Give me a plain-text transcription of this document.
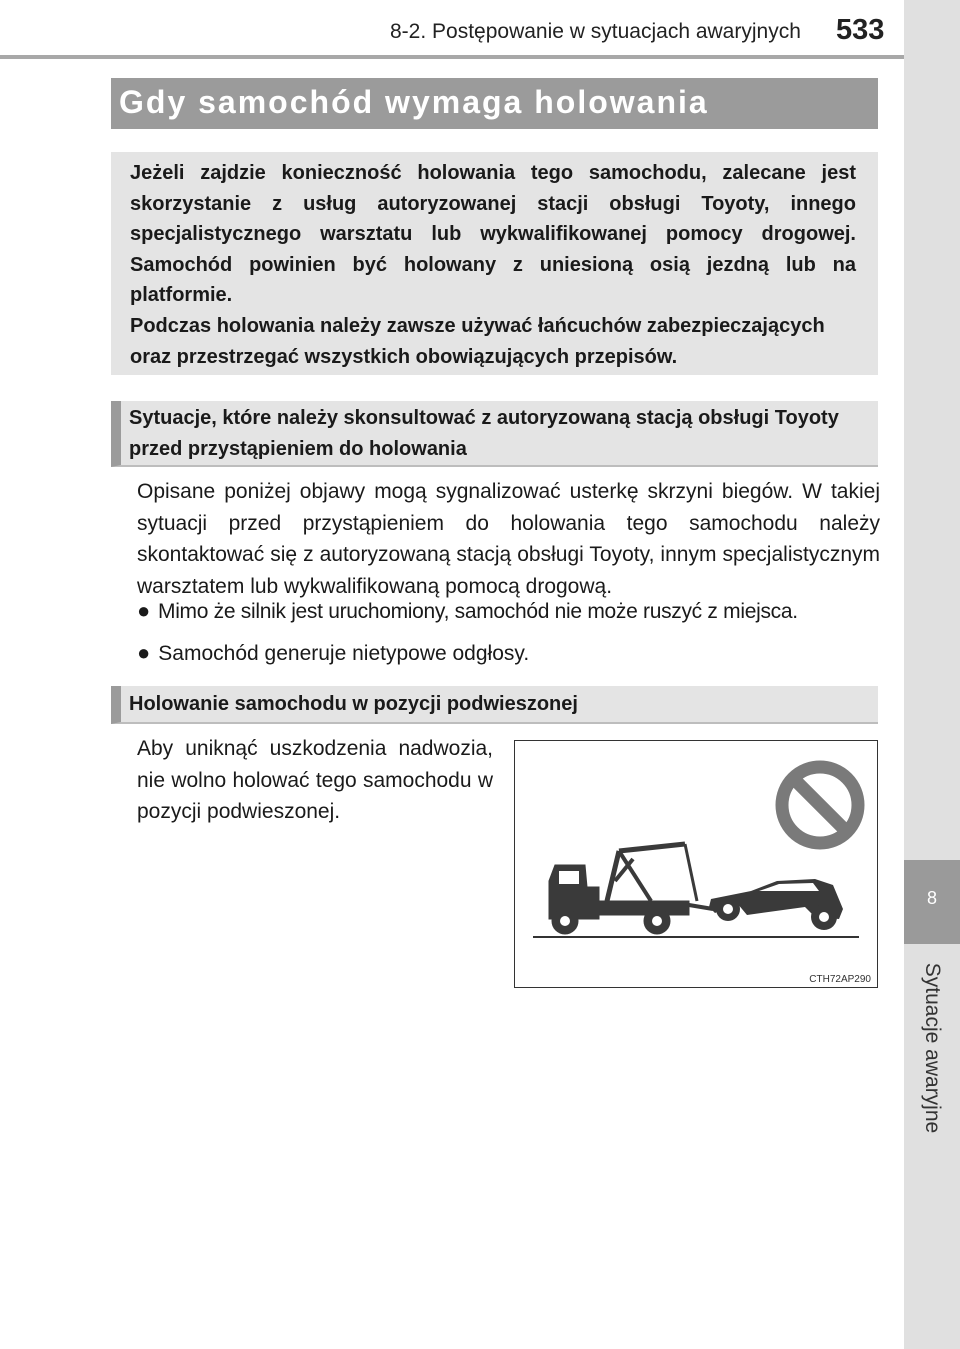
8-2. Postępowanie w sytuacjach awaryjnych 533
8
Sytuacje awaryjne
Gdy samochód wymaga holowania

Jeżeli zajdzie konieczność holowania tego samochodu, zalecane jest skorzystanie z usług autoryzowanej stacji obsługi Toyoty, innego specjalistycznego warsztatu lub wykwalifikowanej pomocy drogowej. Samochód powinien być holowany z uniesioną osią jezdną lub na platformie.

Podczas holowania należy zawsze używać łańcuchów zabezpieczających oraz przestrzegać wszystkich obowiązujących przepisów.

Sytuacje, które należy skonsultować z autoryzowaną stacją obsługi Toyoty przed przystąpieniem do holowania

Opisane poniżej objawy mogą sygnalizować usterkę skrzyni biegów. W takiej sytuacji przed przystąpieniem do holowania tego samochodu należy skontaktować się z autoryzowaną stacją obsługi Toyoty, innym specjalistycznym warsztatem lub wykwalifikowaną pomocą drogową.

● Mimo że silnik jest uruchomiony, samochód nie może ruszyć z miejsca.
● Samochód generuje nietypowe odgłosy.
Holowanie samochodu w pozycji podwieszonej

Aby uniknąć uszkodzenia nadwozia, nie wolno holować tego samochodu w pozycji podwieszonej.

CTH72AP290
